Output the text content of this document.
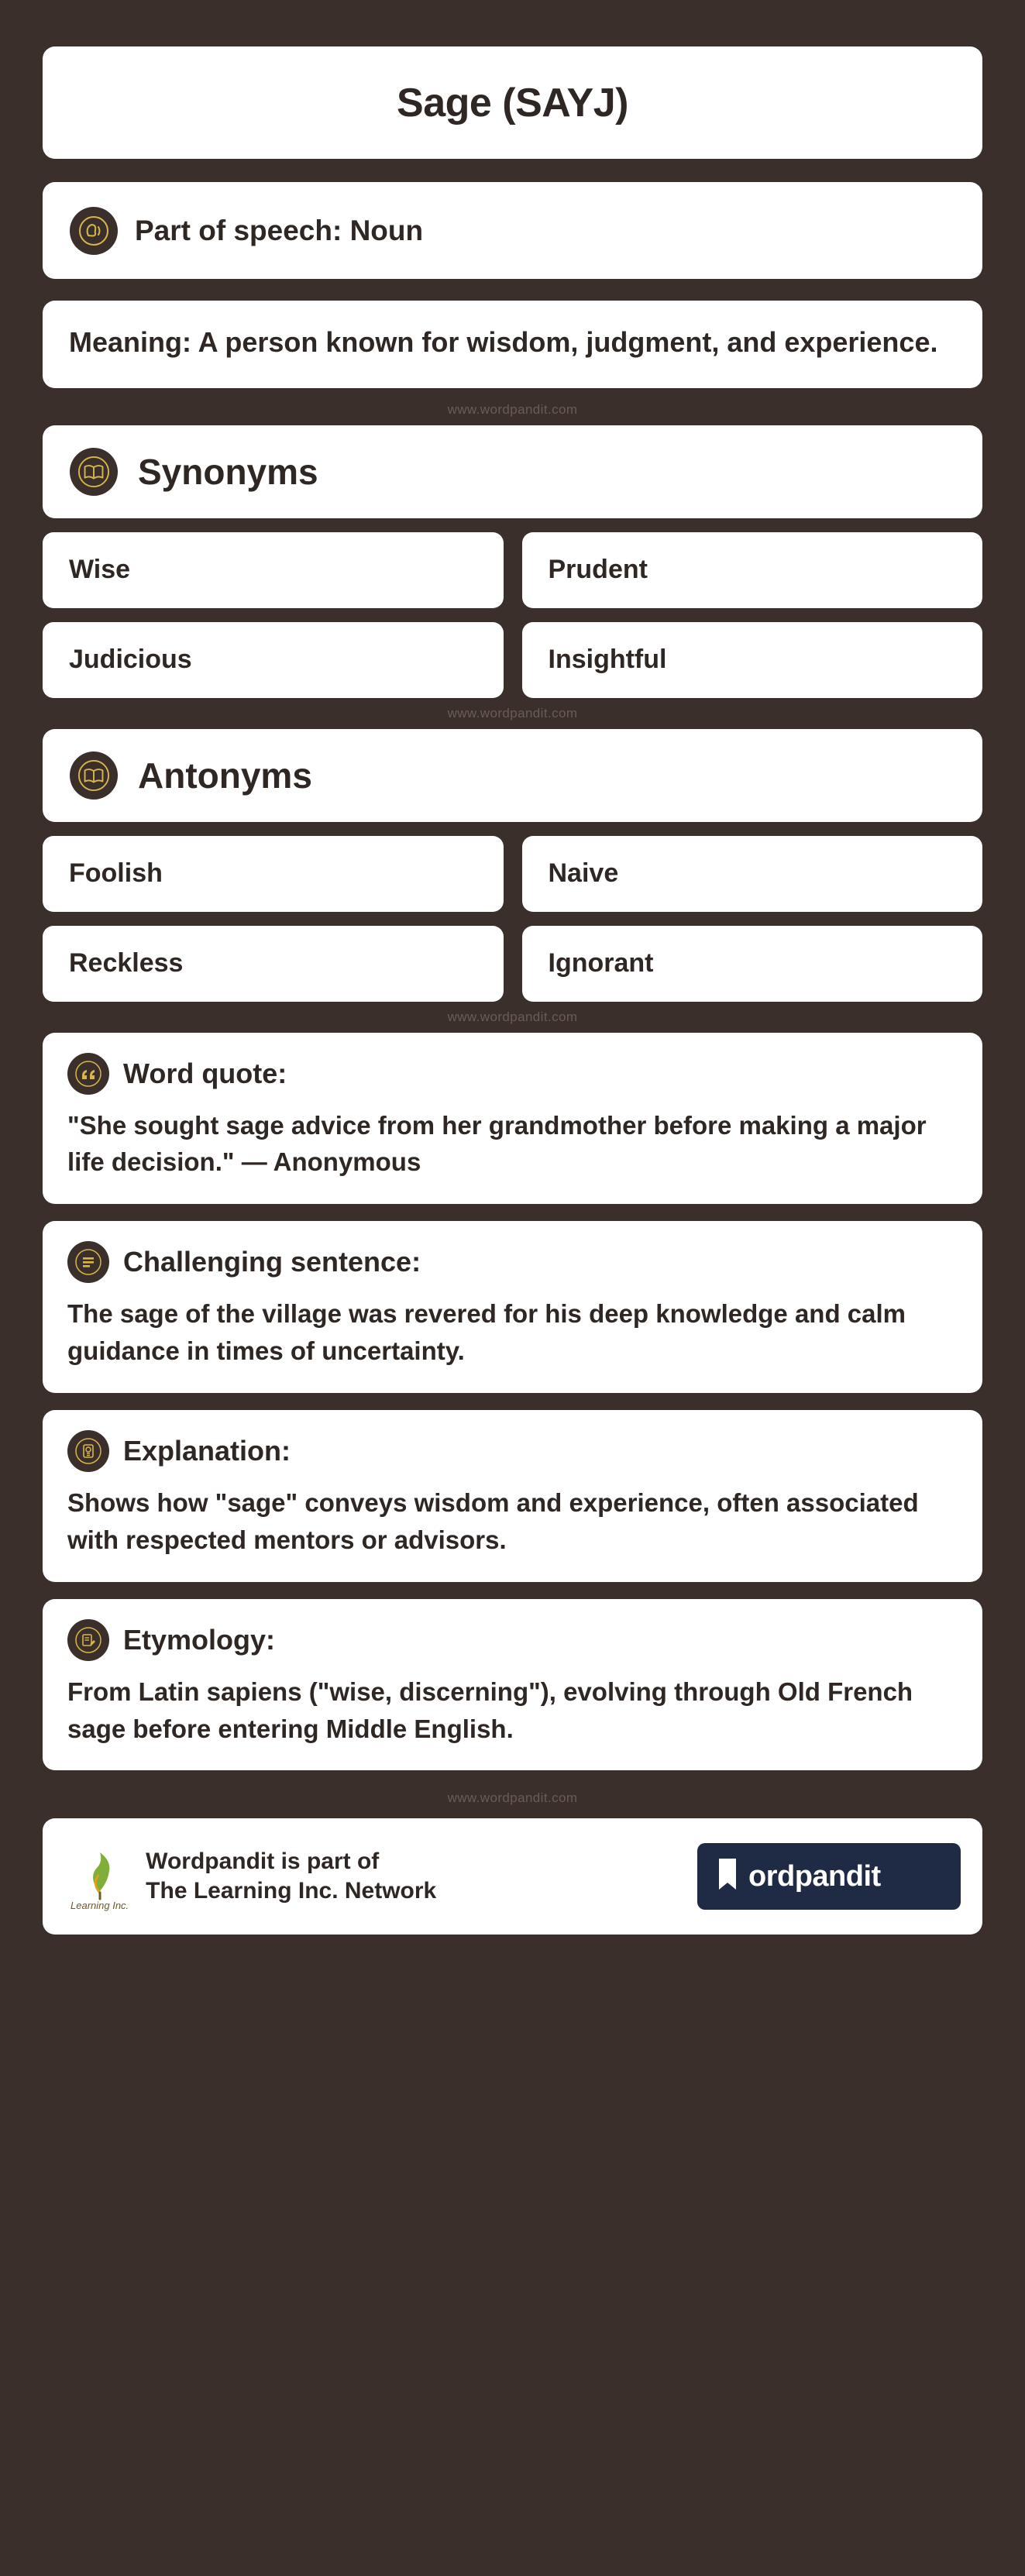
Sage (SAYJ)
Part of speech: Noun
Meaning: A person known for wisdom, judgment, and experience.
www.wordpandit.com
Synonyms
Wise	Prudent
Judicious	Insightful
www.wordpandit.com
Antonyms
Foolish	Naive
Reckless	Ignorant
www.wordpandit.com
Word quote:
"She sought sage advice from her grandmother before making a major life decision." — Anonymous
Challenging sentence:
The sage of the village was revered for his deep knowledge and calm guidance in times of uncertainty.
Explanation:
Shows how "sage" conveys wisdom and experience, often associated with respected mentors or advisors.
Etymology:
From Latin sapiens ("wise, discerning"), evolving through Old French sage before entering Middle English.
www.wordpandit.com
Learning Inc.
Wordpandit is part of
The Learning Inc. Network	ordpandit
